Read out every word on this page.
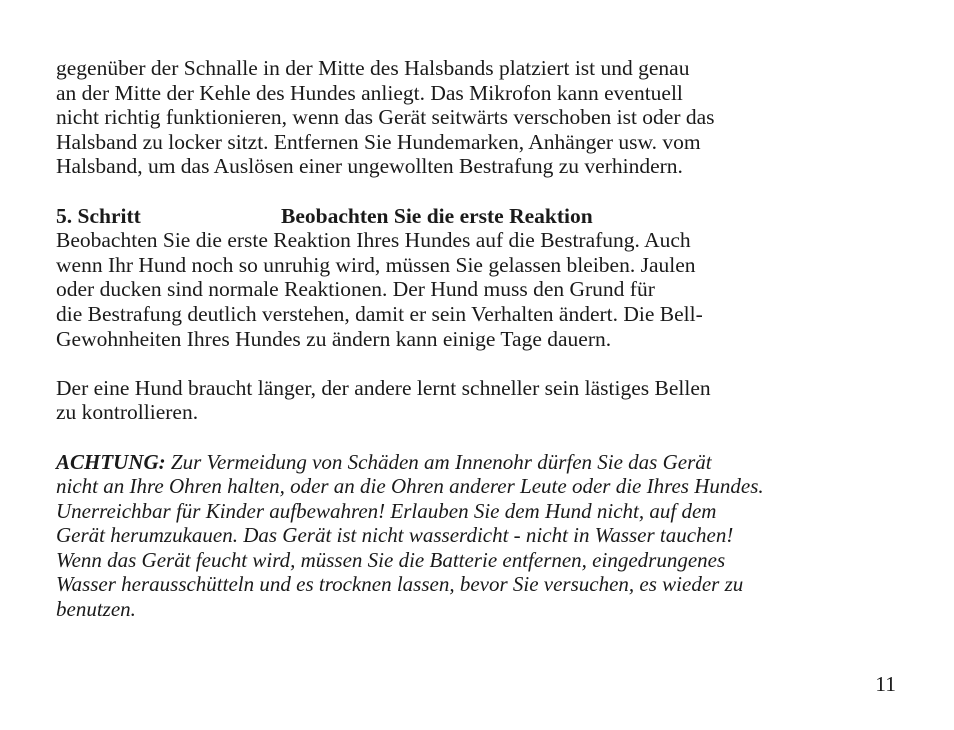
gegenüber der Schnalle in der Mitte des Halsbands platziert ist und genau
an der Mitte der Kehle des Hundes anliegt. Das Mikrofon kann eventuell
nicht richtig funktionieren, wenn das Gerät seitwärts verschoben ist oder das
Halsband zu locker sitzt. Entfernen Sie Hundemarken, Anhänger usw. vom
Halsband, um das Auslösen einer ungewollten Bestrafung zu verhindern.

5. Schritt	Beobachten Sie die erste Reaktion

Beobachten Sie die erste Reaktion Ihres Hundes auf die Bestrafung. Auch
wenn Ihr Hund noch so unruhig wird, müssen Sie gelassen bleiben. Jaulen
oder ducken sind normale Reaktionen. Der Hund muss den Grund für
die Bestrafung deutlich verstehen, damit er sein Verhalten ändert. Die Bell-
Gewohnheiten Ihres Hundes zu ändern kann einige Tage dauern.

Der eine Hund braucht länger, der andere lernt schneller sein lästiges Bellen
zu kontrollieren.

ACHTUNG: Zur Vermeidung von Schäden am Innenohr dürfen Sie das Gerät
nicht an Ihre Ohren halten, oder an die Ohren anderer Leute oder die Ihres Hundes.
Unerreichbar für Kinder aufbewahren! Erlauben Sie dem Hund nicht, auf dem
Gerät herumzukauen. Das Gerät ist nicht wasserdicht - nicht in Wasser tauchen!
Wenn das Gerät feucht wird, müssen Sie die Batterie entfernen, eingedrungenes
Wasser herausschütteln und es trocknen lassen, bevor Sie versuchen, es wieder zu
benutzen.

11
